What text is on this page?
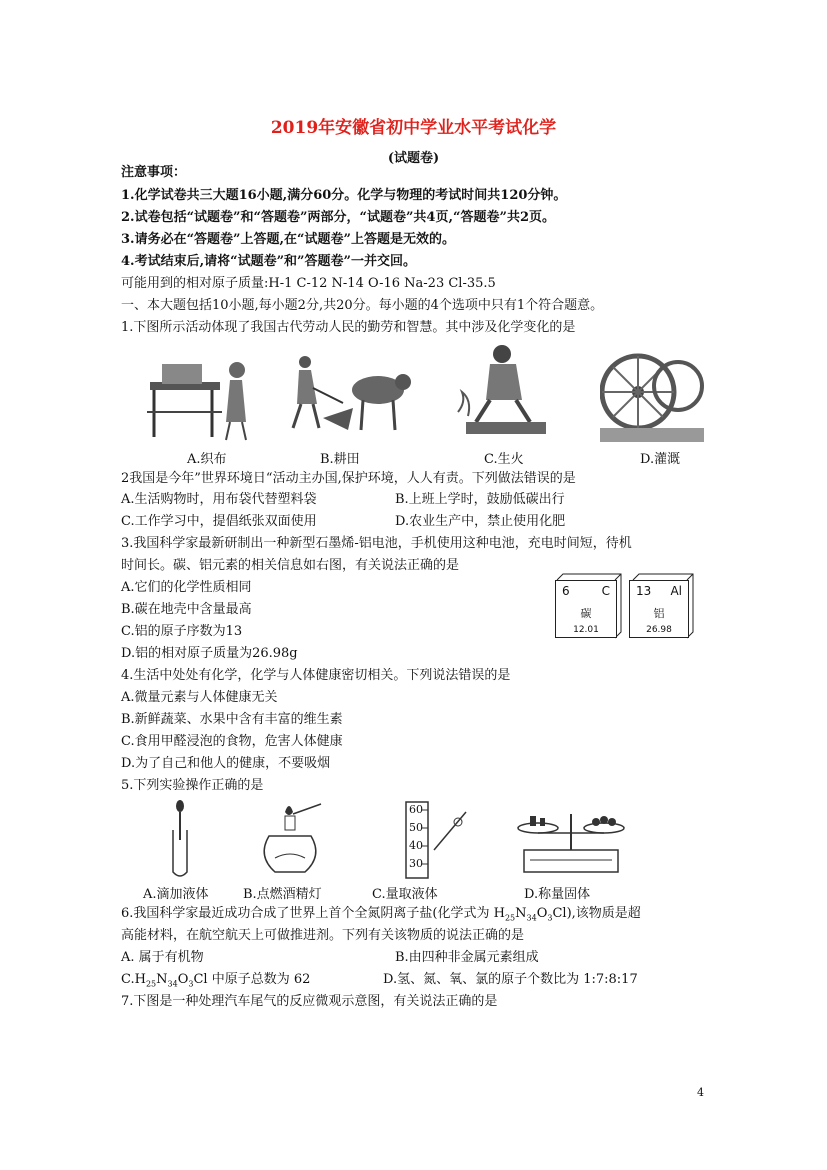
2019年安徽省初中学业水平考试化学
(试题卷)
注意事项：
1.化学试卷共三大题16小题,满分60分。化学与物理的考试时间共120分钟。
2.试卷包括“试题卷”和“答题卷”两部分，“试题卷”共4页,“答题卷”共2页。
3.请务必在“答题卷”上答题,在“试题卷”上答题是无效的。
4.考试结束后,请将“试题卷”和”答题卷”一并交回。
可能用到的相对原子质量:H-1 C-12 N-14 O-16 Na-23 Cl-35.5
一、本大题包括10小题,每小题2分,共20分。每小题的4个选项中只有1个符合题意。
1.下图所示活动体现了我国古代劳动人民的勤劳和智慧。其中涉及化学变化的是
A.织布	B.耕田	C.生火	D.灌溉
2我国是今年”世界环境日“活动主办国,保护环境，人人有责。下列做法错误的是
A.生活购物时，用布袋代替塑料袋	B.上班上学时，鼓励低碳出行
C.工作学习中，提倡纸张双面使用	D.农业生产中，禁止使用化肥
3.我国科学家最新研制出一种新型石墨烯-铝电池，手机使用这种电池，充电时间短，待机
时间长。碳、铝元素的相关信息如右图，有关说法正确的是
A.它们的化学性质相同
B.碳在地壳中含量最高
C.铝的原子序数为13
D.铝的相对原子质量为26.98g
6	C
碳
12.01
13 Al
铝
26.98
4.生活中处处有化学，化学与人体健康密切相关。下列说法错误的是
A.微量元素与人体健康无关
B.新鲜蔬菜、水果中含有丰富的维生素
C.食用甲醛浸泡的食物，危害人体健康
D.为了自己和他人的健康，不要吸烟
5.下列实验操作正确的是
60
50
40
30
A.滴加液体	B.点燃酒精灯	C.量取液体	D.称量固体
6.我国科学家最近成功合成了世界上首个全氮阴离子盐(化学式为 $H_{25}N_{34}O_3Cl$),该物质是超
高能材料，在航空航天上可做推进剂。下列有关该物质的说法正确的是
A. 属于有机物	B.由四种非金属元素组成
$C.H_{25}N_{34}O_3Cl$ 中原子总数为 62	D.氢、氮、氧、氯的原子个数比为 1:7:8:17
7.下图是一种处理汽车尾气的反应微观示意图，有关说法正确的是
4
